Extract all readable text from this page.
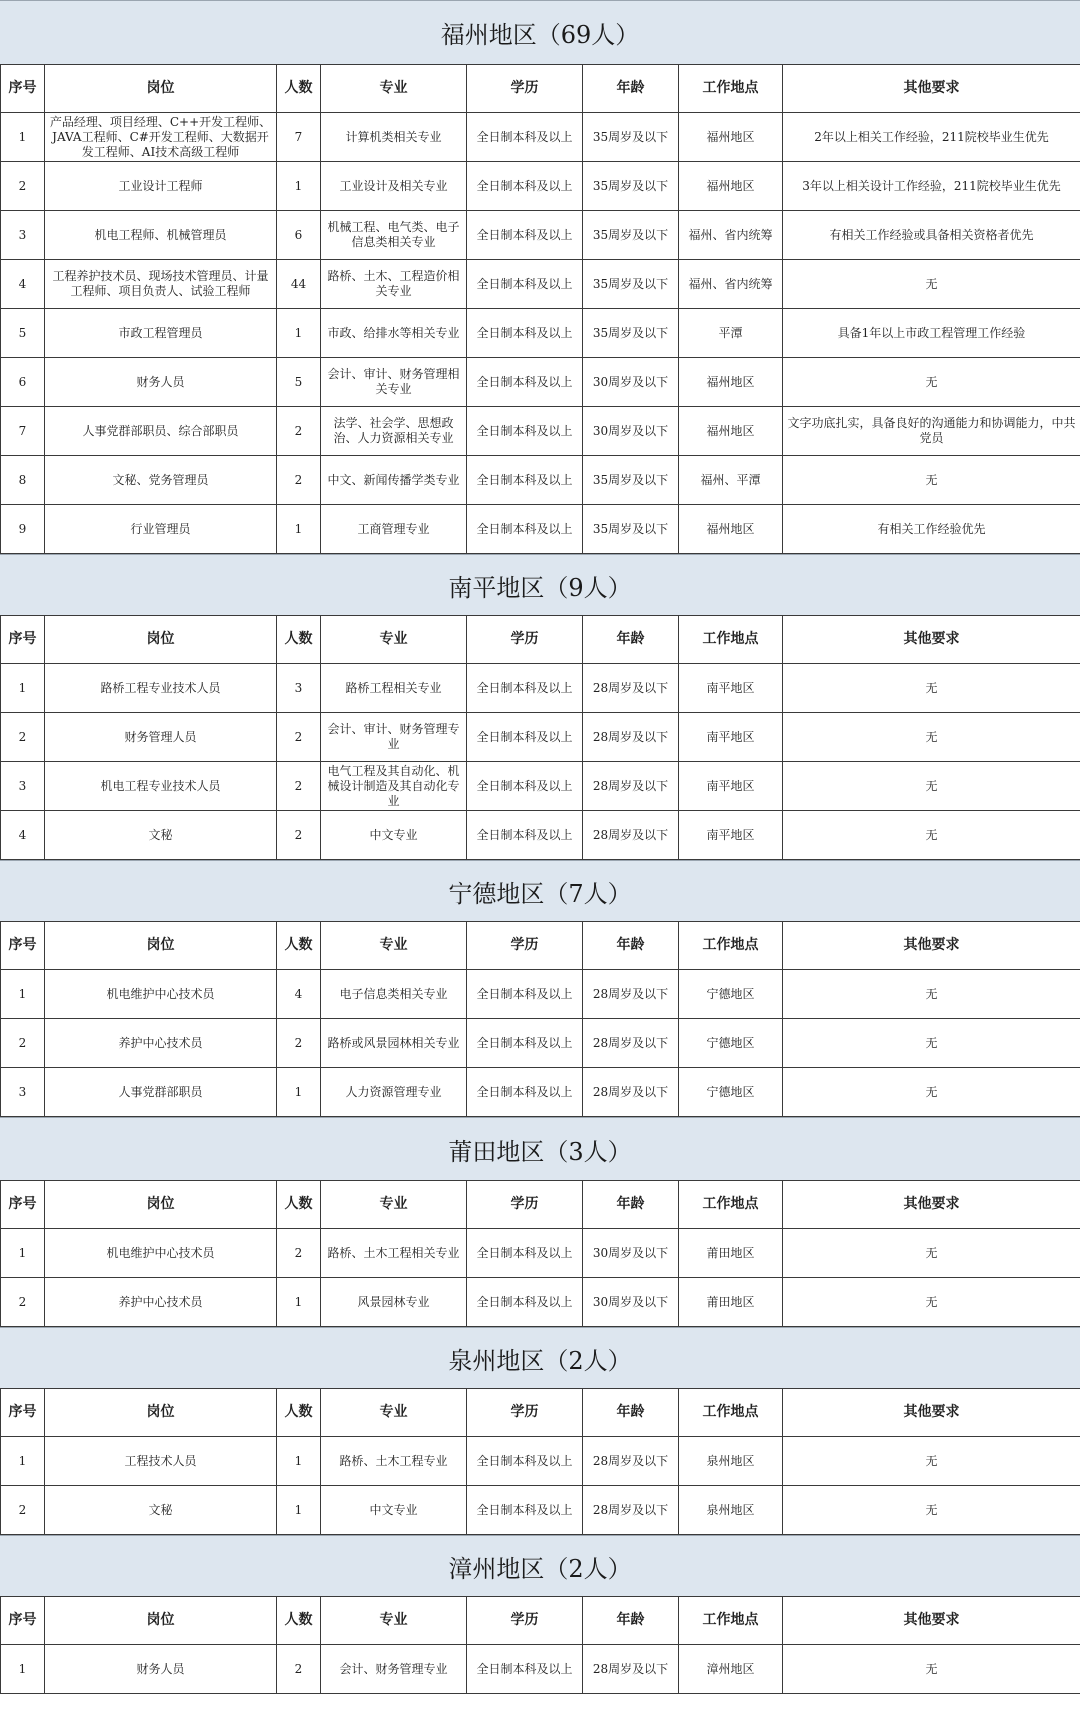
福州地区（69人）
序号	岗位	人数	专业	学历	年龄	工作地点	其他要求
1	产品经理、项目经理、C++开发工程师、JAVA工程师、C#开发工程师、大数据开发工程师、AI技术高级工程师	7	计算机类相关专业	全日制本科及以上	35周岁及以下	福州地区	2年以上相关工作经验，211院校毕业生优先
2	工业设计工程师	1	工业设计及相关专业	全日制本科及以上	35周岁及以下	福州地区	3年以上相关设计工作经验，211院校毕业生优先
3	机电工程师、机械管理员	6	机械工程、电气类、电子信息类相关专业	全日制本科及以上	35周岁及以下	福州、省内统筹	有相关工作经验或具备相关资格者优先
4	工程养护技术员、现场技术管理员、计量工程师、项目负责人、试验工程师	44	路桥、土木、工程造价相关专业	全日制本科及以上	35周岁及以下	福州、省内统筹	无
5	市政工程管理员	1	市政、给排水等相关专业	全日制本科及以上	35周岁及以下	平潭	具备1年以上市政工程管理工作经验
6	财务人员	5	会计、审计、财务管理相关专业	全日制本科及以上	30周岁及以下	福州地区	无
7	人事党群部职员、综合部职员	2	法学、社会学、思想政治、人力资源相关专业	全日制本科及以上	30周岁及以下	福州地区	文字功底扎实，具备良好的沟通能力和协调能力，中共党员
8	文秘、党务管理员	2	中文、新闻传播学类专业	全日制本科及以上	35周岁及以下	福州、平潭	无
9	行业管理员	1	工商管理专业	全日制本科及以上	35周岁及以下	福州地区	有相关工作经验优先
南平地区（9人）
序号	岗位	人数	专业	学历	年龄	工作地点	其他要求
1	路桥工程专业技术人员	3	路桥工程相关专业	全日制本科及以上	28周岁及以下	南平地区	无
2	财务管理人员	2	会计、审计、财务管理专业	全日制本科及以上	28周岁及以下	南平地区	无
3	机电工程专业技术人员	2	电气工程及其自动化、机械设计制造及其自动化专业	全日制本科及以上	28周岁及以下	南平地区	无
4	文秘	2	中文专业	全日制本科及以上	28周岁及以下	南平地区	无
宁德地区（7人）
序号	岗位	人数	专业	学历	年龄	工作地点	其他要求
1	机电维护中心技术员	4	电子信息类相关专业	全日制本科及以上	28周岁及以下	宁德地区	无
2	养护中心技术员	2	路桥或风景园林相关专业	全日制本科及以上	28周岁及以下	宁德地区	无
3	人事党群部职员	1	人力资源管理专业	全日制本科及以上	28周岁及以下	宁德地区	无
莆田地区（3人）
序号	岗位	人数	专业	学历	年龄	工作地点	其他要求
1	机电维护中心技术员	2	路桥、土木工程相关专业	全日制本科及以上	30周岁及以下	莆田地区	无
2	养护中心技术员	1	风景园林专业	全日制本科及以上	30周岁及以下	莆田地区	无
泉州地区（2人）
序号	岗位	人数	专业	学历	年龄	工作地点	其他要求
1	工程技术人员	1	路桥、土木工程专业	全日制本科及以上	28周岁及以下	泉州地区	无
2	文秘	1	中文专业	全日制本科及以上	28周岁及以下	泉州地区	无
漳州地区（2人）
序号	岗位	人数	专业	学历	年龄	工作地点	其他要求
1	财务人员	2	会计、财务管理专业	全日制本科及以上	28周岁及以下	漳州地区	无
